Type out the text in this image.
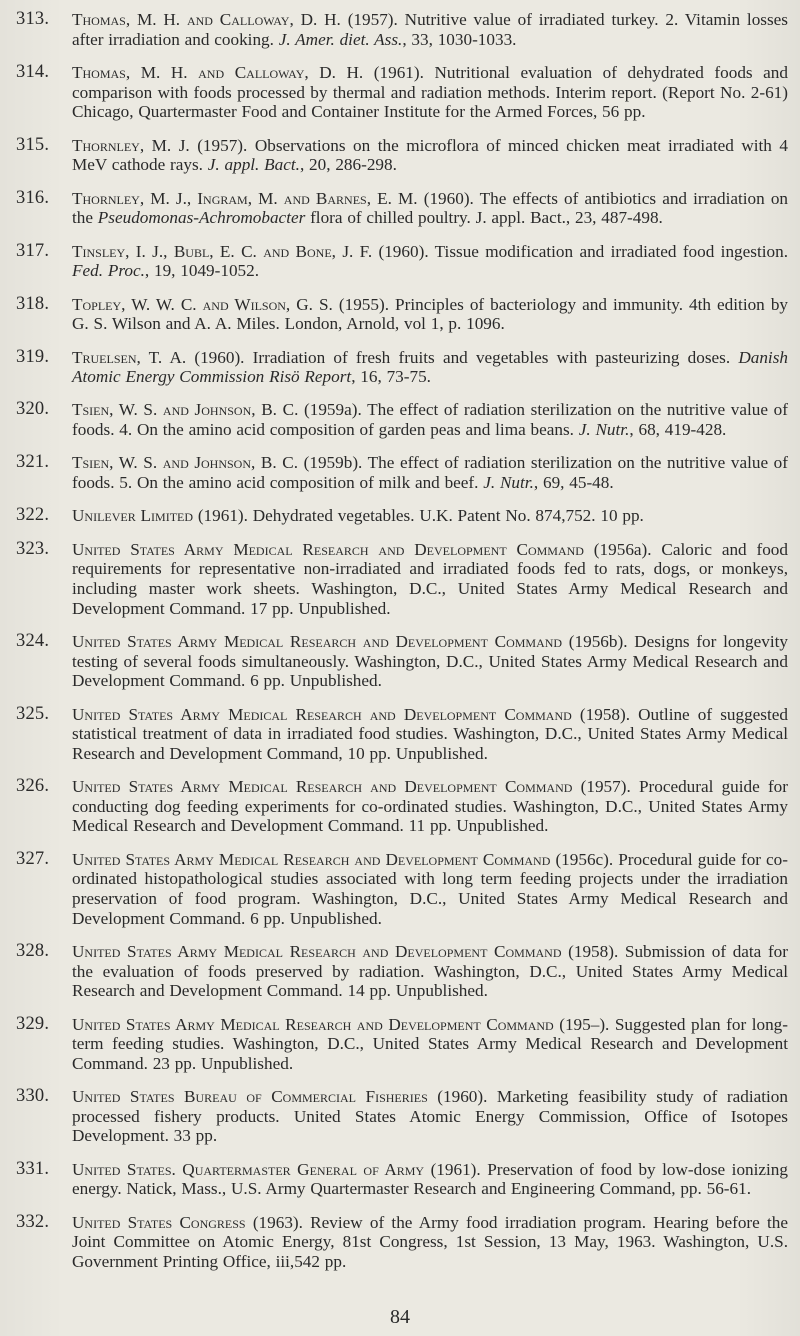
313.	Thomas, M. H. and Calloway, D. H. (1957). Nutritive value of irradiated turkey. 2. Vitamin losses after irradiation and cooking. J. Amer. diet. Ass., 33, 1030-1033.
314.	Thomas, M. H. and Calloway, D. H. (1961). Nutritional evaluation of dehydrated foods and comparison with foods processed by thermal and radiation methods. Interim report. (Report No. 2-61) Chicago, Quartermaster Food and Container Institute for the Armed Forces, 56 pp.
315.	Thornley, M. J. (1957). Observations on the microflora of minced chicken meat irradiated with 4 MeV cathode rays. J. appl. Bact., 20, 286-298.
316.	Thornley, M. J., Ingram, M. and Barnes, E. M. (1960). The effects of antibiotics and irradiation on the Pseudomonas-Achromobacter flora of chilled poultry. J. appl. Bact., 23, 487-498.
317.	Tinsley, I. J., Bubl, E. C. and Bone, J. F. (1960). Tissue modification and irradiated food ingestion. Fed. Proc., 19, 1049-1052.
318.	Topley, W. W. C. and Wilson, G. S. (1955). Principles of bacteriology and immunity. 4th edition by G. S. Wilson and A. A. Miles. London, Arnold, vol 1, p. 1096.
319.	Truelsen, T. A. (1960). Irradiation of fresh fruits and vegetables with pasteurizing doses. Danish Atomic Energy Commission Risö Report, 16, 73-75.
320.	Tsien, W. S. and Johnson, B. C. (1959a). The effect of radiation sterilization on the nutritive value of foods. 4. On the amino acid composition of garden peas and lima beans. J. Nutr., 68, 419-428.
321.	Tsien, W. S. and Johnson, B. C. (1959b). The effect of radiation sterilization on the nutritive value of foods. 5. On the amino acid composition of milk and beef. J. Nutr., 69, 45-48.
322.	Unilever Limited (1961). Dehydrated vegetables. U.K. Patent No. 874,752. 10 pp.
323.	United States Army Medical Research and Development Command (1956a). Caloric and food requirements for representative non-irradiated and irradiated foods fed to rats, dogs, or monkeys, including master work sheets. Washington, D.C., United States Army Medical Research and Development Command. 17 pp. Unpublished.
324.	United States Army Medical Research and Development Command (1956b). Designs for longevity testing of several foods simultaneously. Washington, D.C., United States Army Medical Research and Development Command. 6 pp. Unpublished.
325.	United States Army Medical Research and Development Command (1958). Outline of suggested statistical treatment of data in irradiated food studies. Washington, D.C., United States Army Medical Research and Development Command, 10 pp. Unpublished.
326.	United States Army Medical Research and Development Command (1957). Procedural guide for conducting dog feeding experiments for co-ordinated studies. Washington, D.C., United States Army Medical Research and Development Command. 11 pp. Unpublished.
327.	United States Army Medical Research and Development Command (1956c). Procedural guide for co-ordinated histopathological studies associated with long term feeding projects under the irradiation preservation of food program. Washington, D.C., United States Army Medical Research and Development Command. 6 pp. Unpublished.
328.	United States Army Medical Research and Development Command (1958). Submission of data for the evaluation of foods preserved by radiation. Washington, D.C., United States Army Medical Research and Development Command. 14 pp. Unpublished.
329.	United States Army Medical Research and Development Command (195–). Suggested plan for long-term feeding studies. Washington, D.C., United States Army Medical Research and Development Command. 23 pp. Unpublished.
330.	United States Bureau of Commercial Fisheries (1960). Marketing feasibility study of radiation processed fishery products. United States Atomic Energy Commission, Office of Isotopes Development. 33 pp.
331.	United States. Quartermaster General of Army (1961). Preservation of food by low-dose ionizing energy. Natick, Mass., U.S. Army Quartermaster Research and Engineering Command, pp. 56-61.
332.	United States Congress (1963). Review of the Army food irradiation program. Hearing before the Joint Committee on Atomic Energy, 81st Congress, 1st Session, 13 May, 1963. Washington, U.S. Government Printing Office, iii,542 pp.
84
